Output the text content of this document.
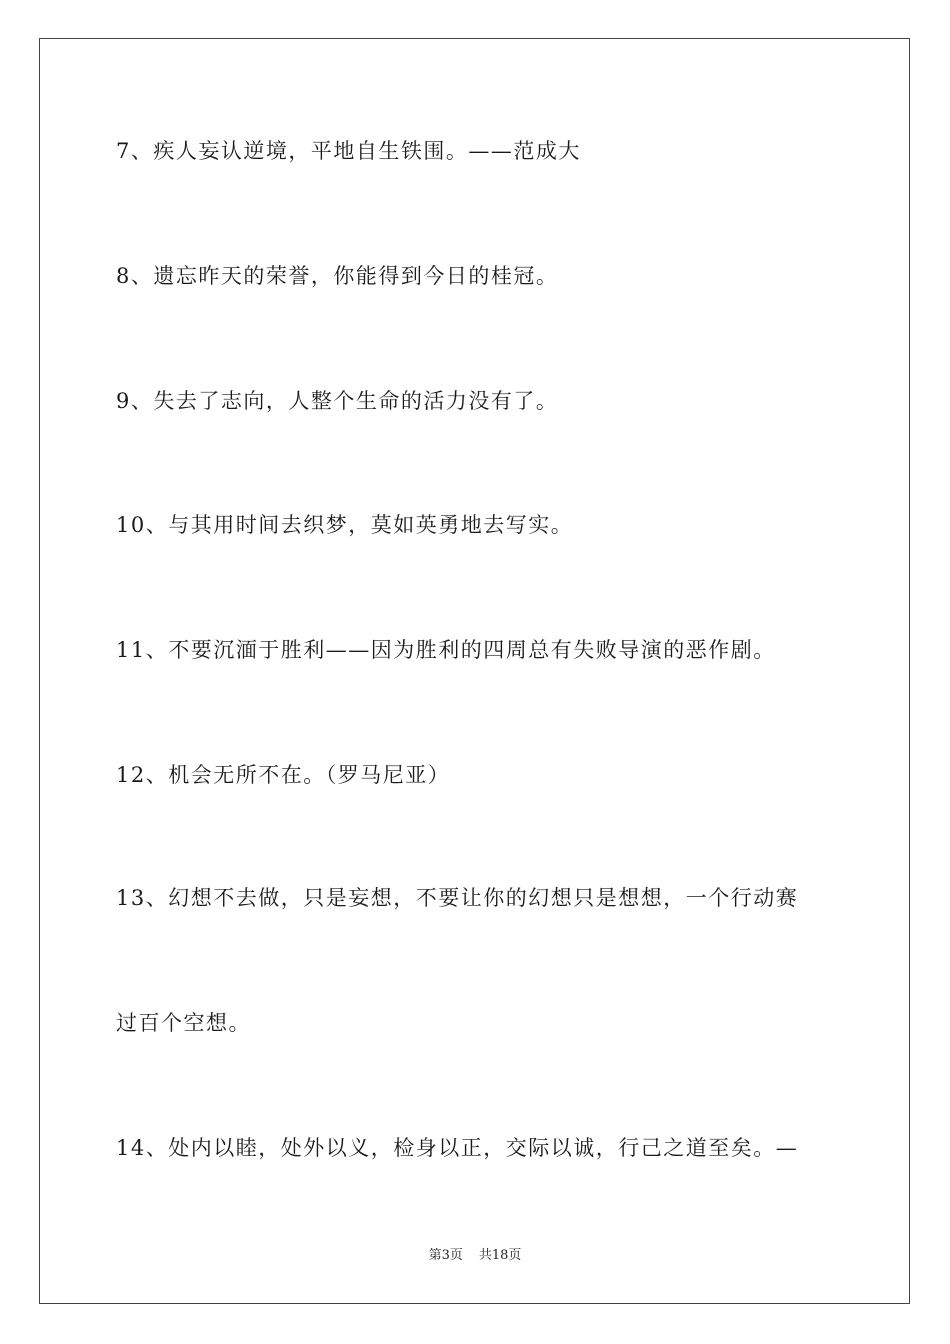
7、疾人妄认逆境，平地自生铁围。——范成大
8、遗忘昨天的荣誉，你能得到今日的桂冠。
9、失去了志向，人整个生命的活力没有了。
10、与其用时间去织梦，莫如英勇地去写实。
11、不要沉湎于胜利——因为胜利的四周总有失败导演的恶作剧。
12、机会无所不在。（罗马尼亚）
13、幻想不去做，只是妄想，不要让你的幻想只是想想，一个行动赛
过百个空想。
14、处内以睦，处外以义，检身以正，交际以诚，行己之道至矣。—
第3页 共18页
